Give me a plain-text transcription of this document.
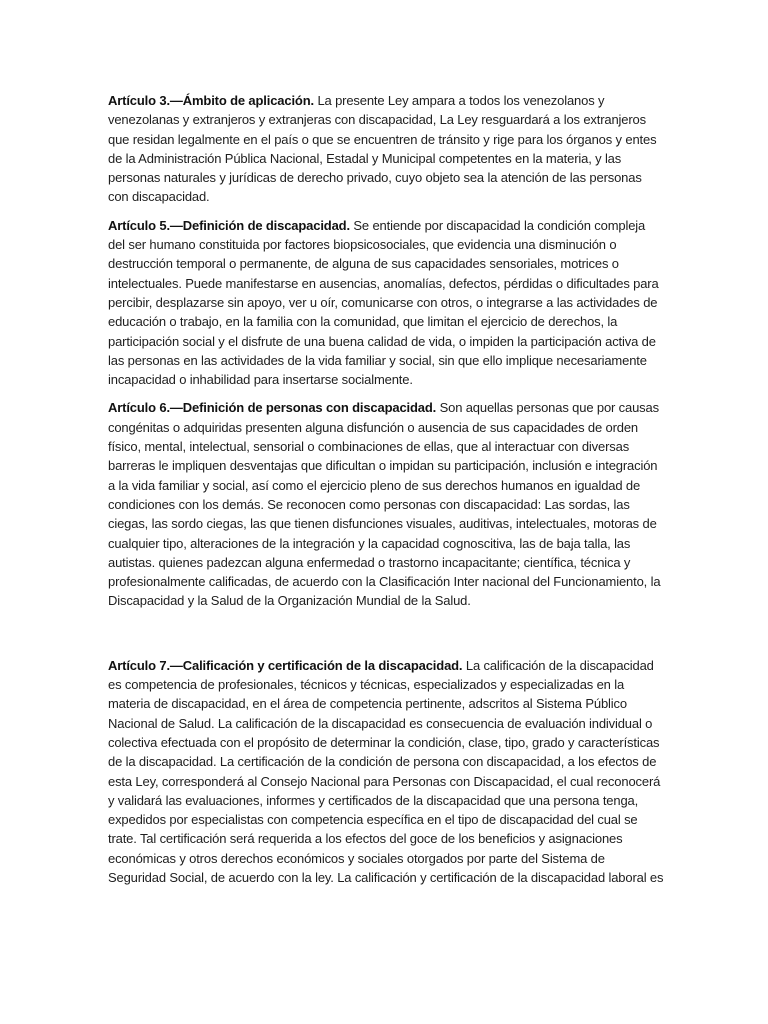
Artículo 3.—Ámbito de aplicación. La presente Ley ampara a todos los venezolanos y venezolanas y extranjeros y extranjeras con discapacidad, La Ley resguardará a los extranjeros que residan legalmente en el país o que se encuentren de tránsito y rige para los órganos y entes de la Administración Pública Nacional, Estadal y Municipal competentes en la materia, y las personas naturales y jurídicas de derecho privado, cuyo objeto sea la atención de las personas con discapacidad.

Artículo 5.—Definición de discapacidad. Se entiende por discapacidad la condición compleja del ser humano constituida por factores biopsicosociales, que evidencia una disminución o destrucción temporal o permanente, de alguna de sus capacidades sensoriales, motrices o intelectuales. Puede manifestarse en ausencias, anomalías, defectos, pérdidas o dificultades para percibir, desplazarse sin apoyo, ver u oír, comunicarse con otros, o integrarse a las actividades de educación o trabajo, en la familia con la comunidad, que limitan el ejercicio de derechos, la participación social y el disfrute de una buena calidad de vida, o impiden la participación activa de las personas en las actividades de la vida familiar y social, sin que ello implique necesariamente incapacidad o inhabilidad para insertarse socialmente.

Artículo 6.—Definición de personas con discapacidad. Son aquellas personas que por causas congénitas o adquiridas presenten alguna disfunción o ausencia de sus capacidades de orden físico, mental, intelectual, sensorial o combinaciones de ellas, que al interactuar con diversas barreras le impliquen desventajas que dificultan o impidan su participación, inclusión e integración a la vida familiar y social, así como el ejercicio pleno de sus derechos humanos en igualdad de condiciones con los demás. Se reconocen como personas con discapacidad: Las sordas, las ciegas, las sordo ciegas, las que tienen disfunciones visuales, auditivas, intelectuales, motoras de cualquier tipo, alteraciones de la integración y la capacidad cognoscitiva, las de baja talla, las autistas. quienes padezcan alguna enfermedad o trastorno incapacitante; científica, técnica y profesionalmente calificadas, de acuerdo con la Clasificación Inter nacional del Funcionamiento, la Discapacidad y la Salud de la Organización Mundial de la Salud.

Artículo 7.—Calificación y certificación de la discapacidad. La calificación de la discapacidad es competencia de profesionales, técnicos y técnicas, especializados y especializadas en la materia de discapacidad, en el área de competencia pertinente, adscritos al Sistema Público Nacional de Salud. La calificación de la discapacidad es consecuencia de evaluación individual o colectiva efectuada con el propósito de determinar la condición, clase, tipo, grado y características de la discapacidad. La certificación de la condición de persona con discapacidad, a los efectos de esta Ley, corresponderá al Consejo Nacional para Personas con Discapacidad, el cual reconocerá y validará las evaluaciones, informes y certificados de la discapacidad que una persona tenga, expedidos por especialistas con competencia específica en el tipo de discapacidad del cual se trate. Tal certificación será requerida a los efectos del goce de los beneficios y asignaciones económicas y otros derechos económicos y sociales otorgados por parte del Sistema de Seguridad Social, de acuerdo con la ley. La calificación y certificación de la discapacidad laboral es
